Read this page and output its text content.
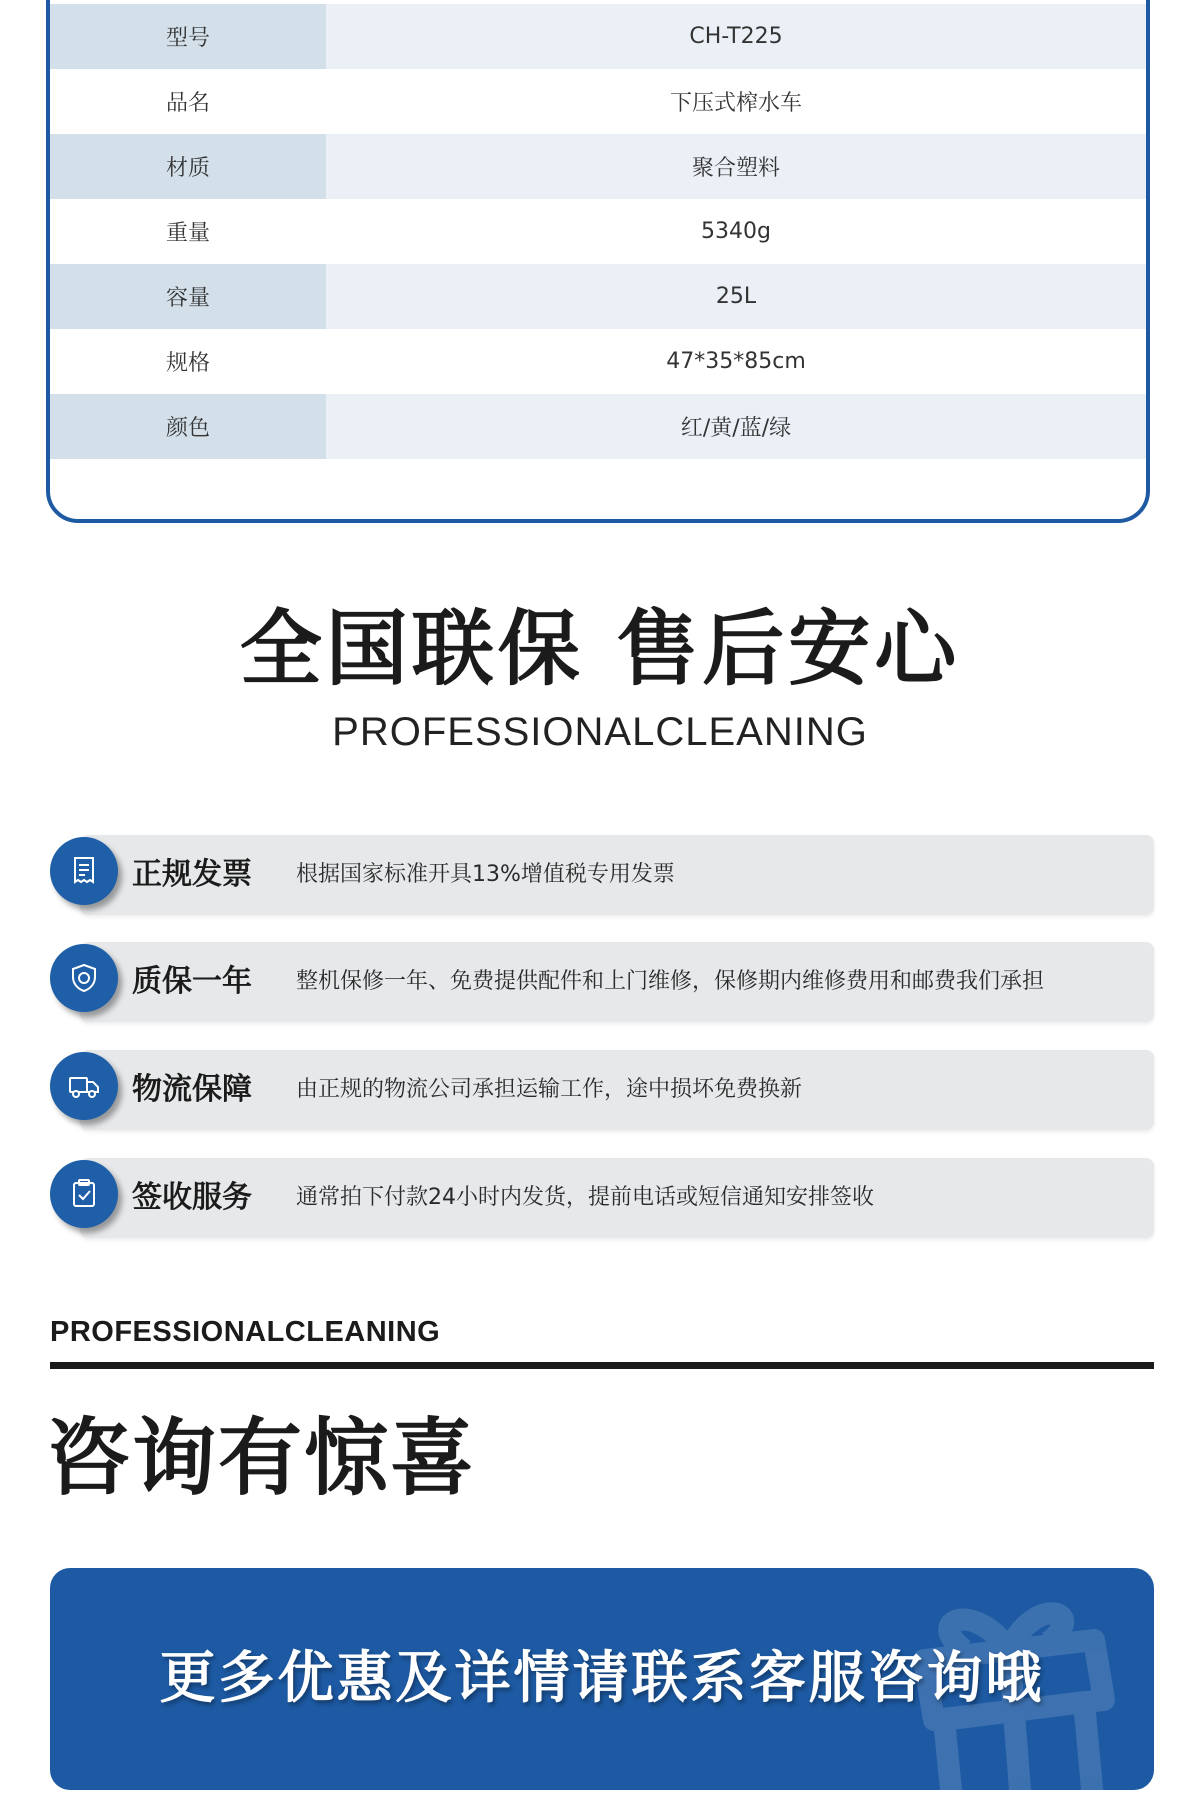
型号	CH-T225
品名	下压式榨水车
材质	聚合塑料
重量	5340g
容量	25L
规格	47*35*85cm
颜色	红/黄/蓝/绿
全国联保 售后安心
PROFESSIONALCLEANING
正规发票 根据国家标准开具13%增值税专用发票
质保一年 整机保修一年、免费提供配件和上门维修，保修期内维修费用和邮费我们承担
物流保障 由正规的物流公司承担运输工作，途中损坏免费换新
签收服务 通常拍下付款24小时内发货，提前电话或短信通知安排签收
PROFESSIONALCLEANING
咨询有惊喜
更多优惠及详情请联系客服咨询哦
